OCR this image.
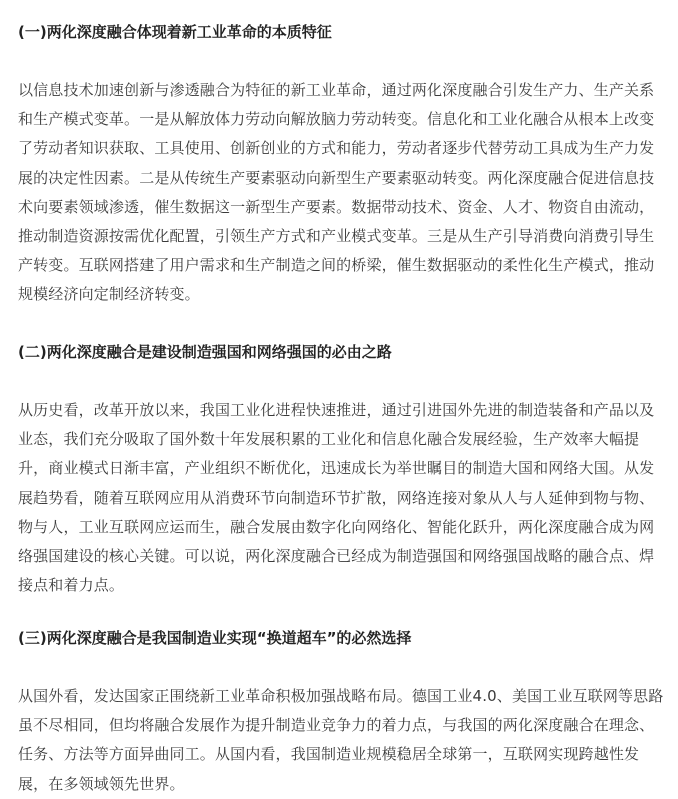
(一)两化深度融合体现着新工业革命的本质特征

以信息技术加速创新与渗透融合为特征的新工业革命，通过两化深度融合引发生产力、生产关系和生产模式变革。一是从解放体力劳动向解放脑力劳动转变。信息化和工业化融合从根本上改变了劳动者知识获取、工具使用、创新创业的方式和能力，劳动者逐步代替劳动工具成为生产力发展的决定性因素。二是从传统生产要素驱动向新型生产要素驱动转变。两化深度融合促进信息技术向要素领域渗透，催生数据这一新型生产要素。数据带动技术、资金、人才、物资自由流动，推动制造资源按需优化配置，引领生产方式和产业模式变革。三是从生产引导消费向消费引导生产转变。互联网搭建了用户需求和生产制造之间的桥梁，催生数据驱动的柔性化生产模式，推动规模经济向定制经济转变。

(二)两化深度融合是建设制造强国和网络强国的必由之路

从历史看，改革开放以来，我国工业化进程快速推进，通过引进国外先进的制造装备和产品以及业态，我们充分吸取了国外数十年发展积累的工业化和信息化融合发展经验，生产效率大幅提升，商业模式日渐丰富，产业组织不断优化，迅速成长为举世瞩目的制造大国和网络大国。从发展趋势看，随着互联网应用从消费环节向制造环节扩散，网络连接对象从人与人延伸到物与物、物与人，工业互联网应运而生，融合发展由数字化向网络化、智能化跃升，两化深度融合成为网络强国建设的核心关键。可以说，两化深度融合已经成为制造强国和网络强国战略的融合点、焊接点和着力点。

(三)两化深度融合是我国制造业实现“换道超车”的必然选择

从国外看，发达国家正围绕新工业革命积极加强战略布局。德国工业4.0、美国工业互联网等思路虽不尽相同，但均将融合发展作为提升制造业竞争力的着力点，与我国的两化深度融合在理念、任务、方法等方面异曲同工。从国内看，我国制造业规模稳居全球第一，互联网实现跨越性发展，在多领域领先世界。
